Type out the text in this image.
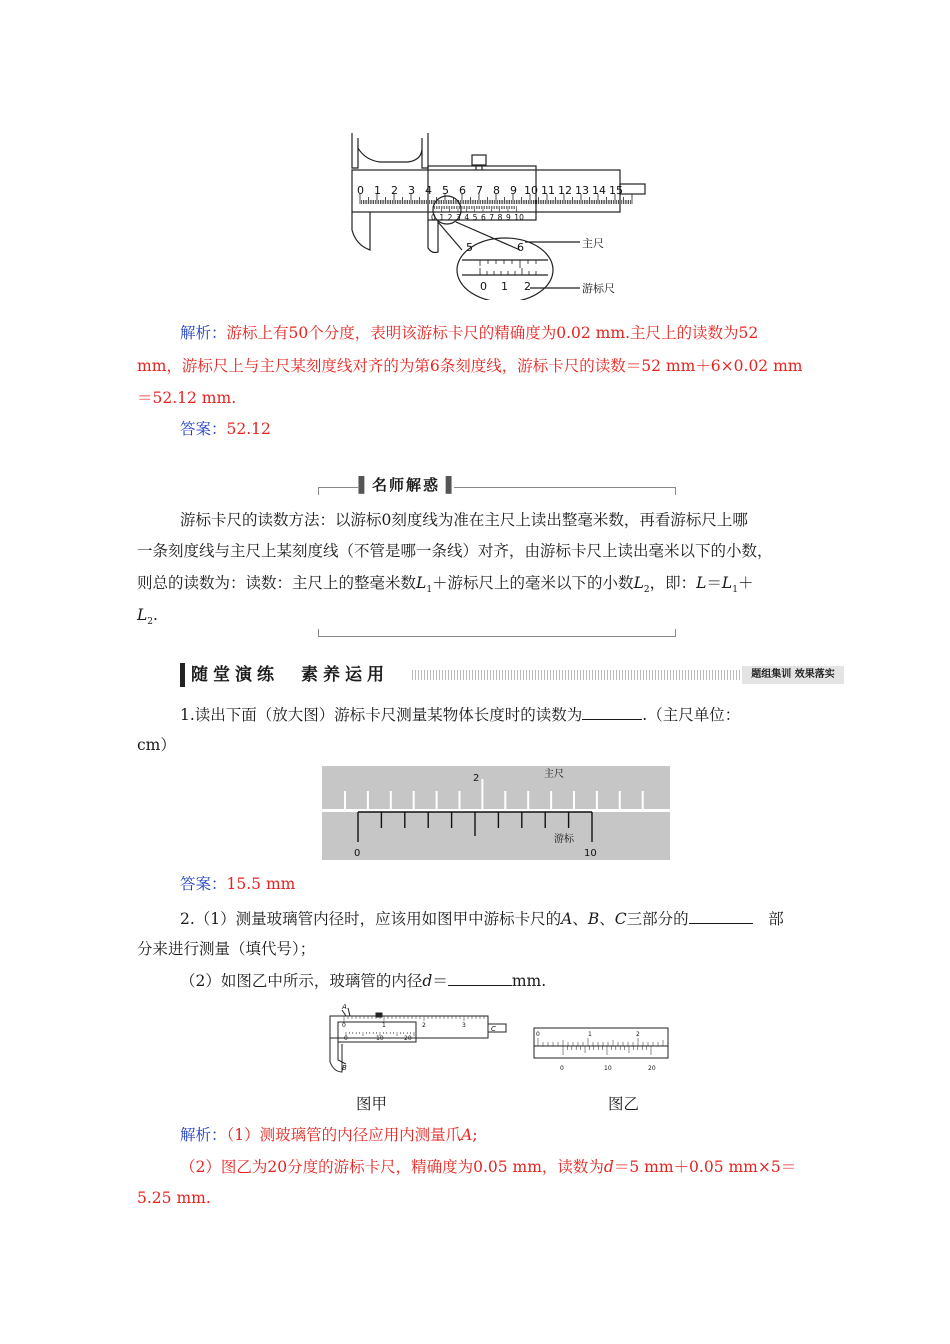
0 1 2 3 4 5 6 7 8 9 10 11 12 13 14 15
0 1 2 3 4 5 6 7 8 9 10
5	6
0 1 2
主尺
游标尺
解析：游标上有50个分度，表明该游标卡尺的精确度为0.02 mm.主尺上的读数为52
mm，游标尺上与主尺某刻度线对齐的为第6条刻度线，游标卡尺的读数＝52 mm＋6×0.02 mm
＝52.12 mm.
答案：52.12
▌名师解惑▐
游标卡尺的读数方法：以游标0刻度线为准在主尺上读出整毫米数，再看游标尺上哪
一条刻度线与主尺上某刻度线（不管是哪一条线）对齐，由游标卡尺上读出毫米以下的小数，
则总的读数为：读数：主尺上的整毫米数$L_1+$游标尺上的毫米以下的小数$L_2$，即：$L=L_1+$
$L_2$.
随堂演练　素养运用	题组集训 效果落实
1.读出下面（放大图）游标卡尺测量某物体长度时的读数为	.（主尺单位：
cm）
2	主尺
游标
0	10
答案：15.5 mm
2.（1）测量玻璃管内径时，应该用如图甲中游标卡尺的A、B、C三部分的　	部
分来进行测量（填代号）；
（2）如图乙中所示，玻璃管的内径d＝	mm.
0	1	2	3
0	10	20
A
B
C
0	1	2
0	10	20
图甲	图乙
解析：（1）测玻璃管的内径应用内测量爪A;
（2）图乙为20分度的游标卡尺，精确度为0.05 mm，读数为d＝5 mm＋0.05 mm×5＝
5.25 mm.
